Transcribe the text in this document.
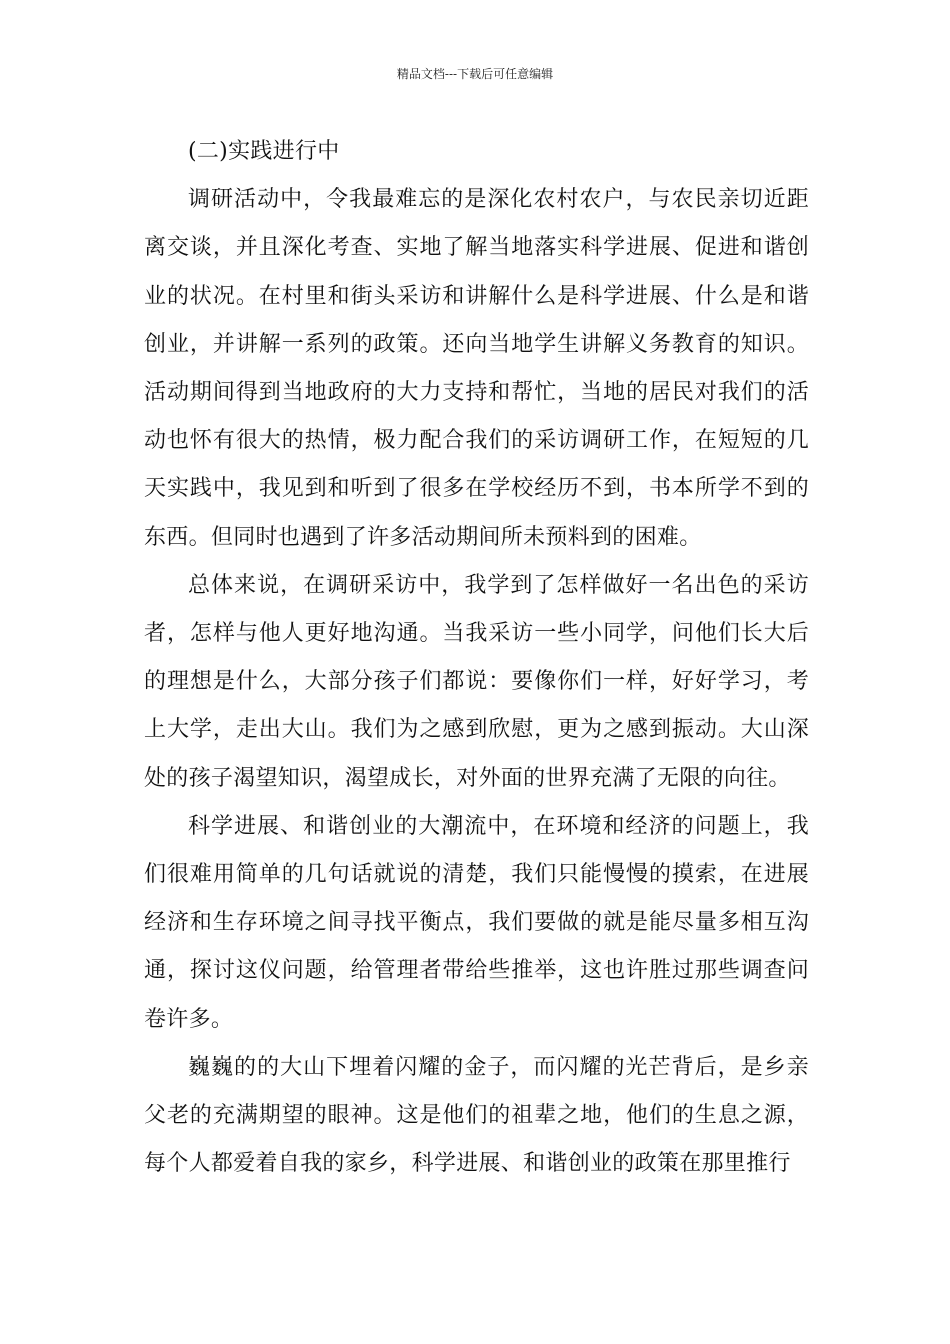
精品文档---下载后可任意编辑

(二)实践进行中

调研活动中，令我最难忘的是深化农村农户，与农民亲切近距离交谈，并且深化考查、实地了解当地落实科学进展、促进和谐创业的状况。在村里和街头采访和讲解什么是科学进展、什么是和谐创业，并讲解一系列的政策。还向当地学生讲解义务教育的知识。活动期间得到当地政府的大力支持和帮忙，当地的居民对我们的活动也怀有很大的热情，极力配合我们的采访调研工作，在短短的几天实践中，我见到和听到了很多在学校经历不到，书本所学不到的东西。但同时也遇到了许多活动期间所未预料到的困难。

总体来说，在调研采访中，我学到了怎样做好一名出色的采访者，怎样与他人更好地沟通。当我采访一些小同学，问他们长大后的理想是什么，大部分孩子们都说：要像你们一样，好好学习，考上大学，走出大山。我们为之感到欣慰，更为之感到振动。大山深处的孩子渴望知识，渴望成长，对外面的世界充满了无限的向往。

科学进展、和谐创业的大潮流中，在环境和经济的问题上，我们很难用简单的几句话就说的清楚，我们只能慢慢的摸索，在进展经济和生存环境之间寻找平衡点，我们要做的就是能尽量多相互沟通，探讨这仪问题，给管理者带给些推举，这也许胜过那些调查问卷许多。

巍巍的的大山下埋着闪耀的金子，而闪耀的光芒背后，是乡亲父老的充满期望的眼神。这是他们的祖辈之地，他们的生息之源，每个人都爱着自我的家乡，科学进展、和谐创业的政策在那里推行
